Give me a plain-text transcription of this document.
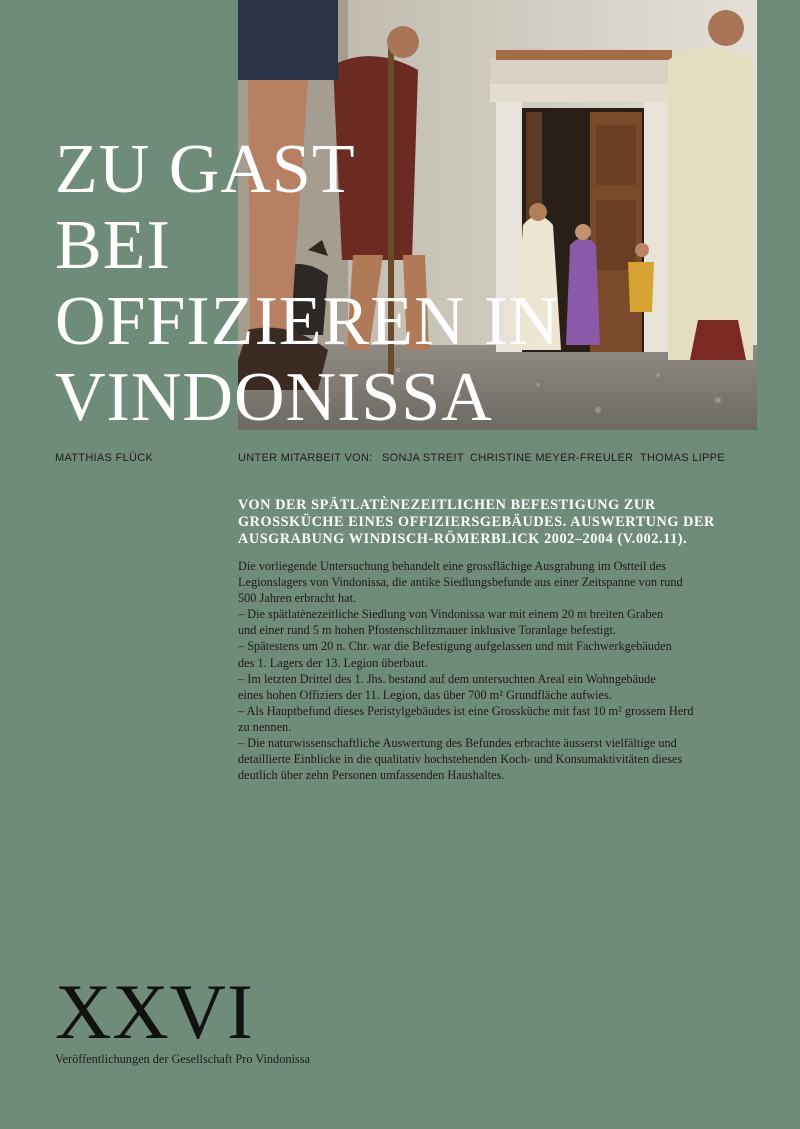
ZU GAST
BEI
OFFIZIEREN IN
VINDONISSA
MATTHIAS FLÜCK	UNTER MITARBEIT VON: SONJA STREIT CHRISTINE MEYER-FREULER THOMAS LIPPE
VON DER SPÄTLATÈNEZEITLICHEN BEFESTIGUNG ZUR GROSSKÜCHE EINES OFFIZIERSGEBÄUDES. AUSWERTUNG DER AUSGRABUNG WINDISCH-RÖMERBLICK 2002–2004 (V.002.11).

Die vorliegende Untersuchung behandelt eine grossflächige Ausgrabung im Ostteil des

Legionslagers von Vindonissa, die antike Siedlungsbefunde aus einer Zeitspanne von rund

500 Jahren erbracht hat.

– Die spätlatènezeitliche Siedlung von Vindonissa war mit einem 20 m breiten Graben

und einer rund 5 m hohen Pfostenschlitzmauer inklusive Toranlage befestigt.

– Spätestens um 20 n. Chr. war die Befestigung aufgelassen und mit Fachwerkgebäuden

des 1. Lagers der 13. Legion überbaut.

– Im letzten Drittel des 1. Jhs. bestand auf dem untersuchten Areal ein Wohngebäude

eines hohen Offiziers der 11. Legion, das über 700 m² Grundfläche aufwies.

– Als Hauptbefund dieses Peristylgebäudes ist eine Grossküche mit fast 10 m² grossem Herd

zu nennen.

– Die naturwissenschaftliche Auswertung des Befundes erbrachte äusserst vielfältige und

detaillierte Einblicke in die qualitativ hochstehenden Koch- und Konsumaktivitäten dieses

deutlich über zehn Personen umfassenden Haushaltes.

XXVI
Veröffentlichungen der Gesellschaft Pro Vindonissa
